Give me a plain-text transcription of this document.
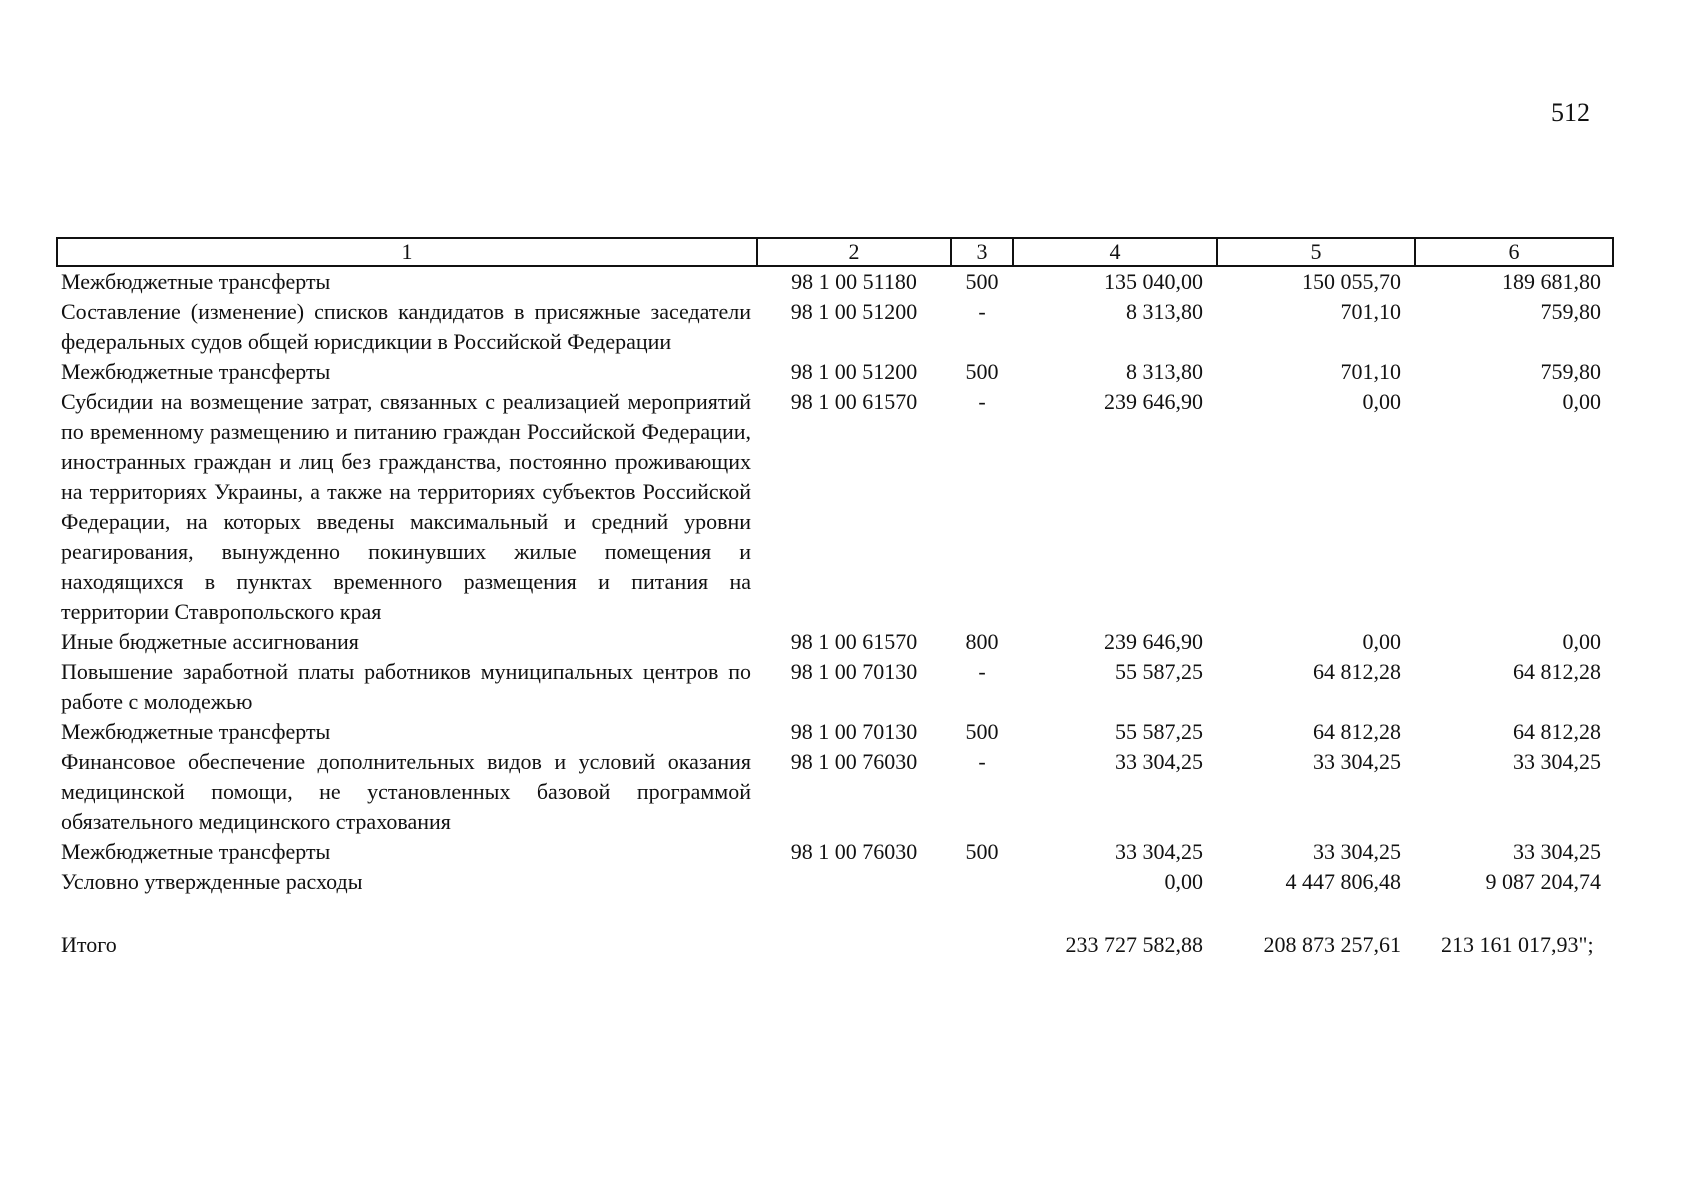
512
1	2	3	4	5	6
Межбюджетные трансферты	98 1 00 51180	500	135 040,00	150 055,70	189 681,80
Составление (изменение) списков кандидатов в присяжные заседатели федеральных судов общей юрисдикции в Российской Федерации	98 1 00 51200	-	8 313,80	701,10	759,80
Межбюджетные трансферты	98 1 00 51200	500	8 313,80	701,10	759,80
Субсидии на возмещение затрат, связанных с реализацией мероприятий по временному размещению и питанию граждан Российской Федерации, иностранных граждан и лиц без гражданства, постоянно проживающих на территориях Украины, а также на территориях субъектов Российской Федерации, на которых введены максимальный и средний уровни реагирования, вынужденно покинувших жилые помещения и находящихся в пунктах временного размещения и питания на территории Ставропольского края	98 1 00 61570	-	239 646,90	0,00	0,00
Иные бюджетные ассигнования	98 1 00 61570	800	239 646,90	0,00	0,00
Повышение заработной платы работников муниципальных центров по работе с молодежью	98 1 00 70130	-	55 587,25	64 812,28	64 812,28
Межбюджетные трансферты	98 1 00 70130	500	55 587,25	64 812,28	64 812,28
Финансовое обеспечение дополнительных видов и условий оказания медицинской помощи, не установленных базовой программой обязательного медицинского страхования	98 1 00 76030	-	33 304,25	33 304,25	33 304,25
Межбюджетные трансферты	98 1 00 76030	500	33 304,25	33 304,25	33 304,25
Условно утвержденные расходы			0,00	4 447 806,48	9 087 204,74

Итого			233 727 582,88	208 873 257,61	213 161 017,93";
